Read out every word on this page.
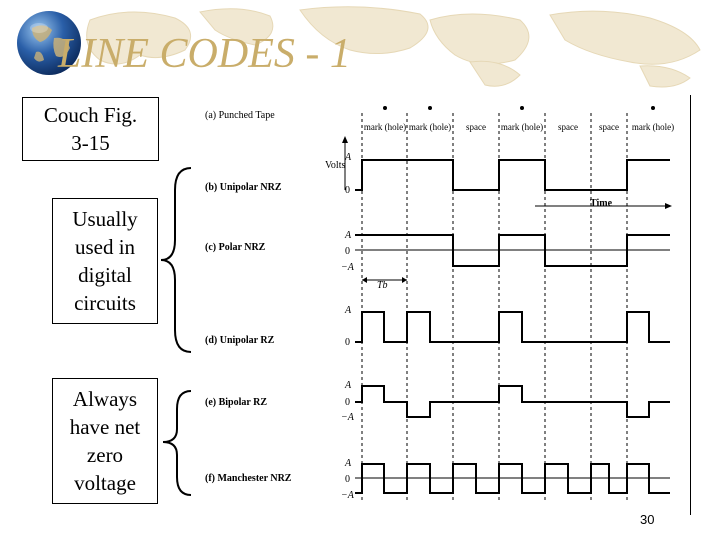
LINE CODES - 1
Couch Fig.
3-15
Usually
used in
digital
circuits
Always
have net
zero
voltage
(a) Punched Tape
(b) Unipolar NRZ
(c) Polar NRZ
(d) Unipolar RZ
(e) Bipolar RZ
(f) Manchester NRZ
mark (hole) mark (hole) space mark (hole) space space mark (hole)
Volts
A
0
Time
A
0
−A
Tb
A
0
A
0
−A
A
0
−A
30
